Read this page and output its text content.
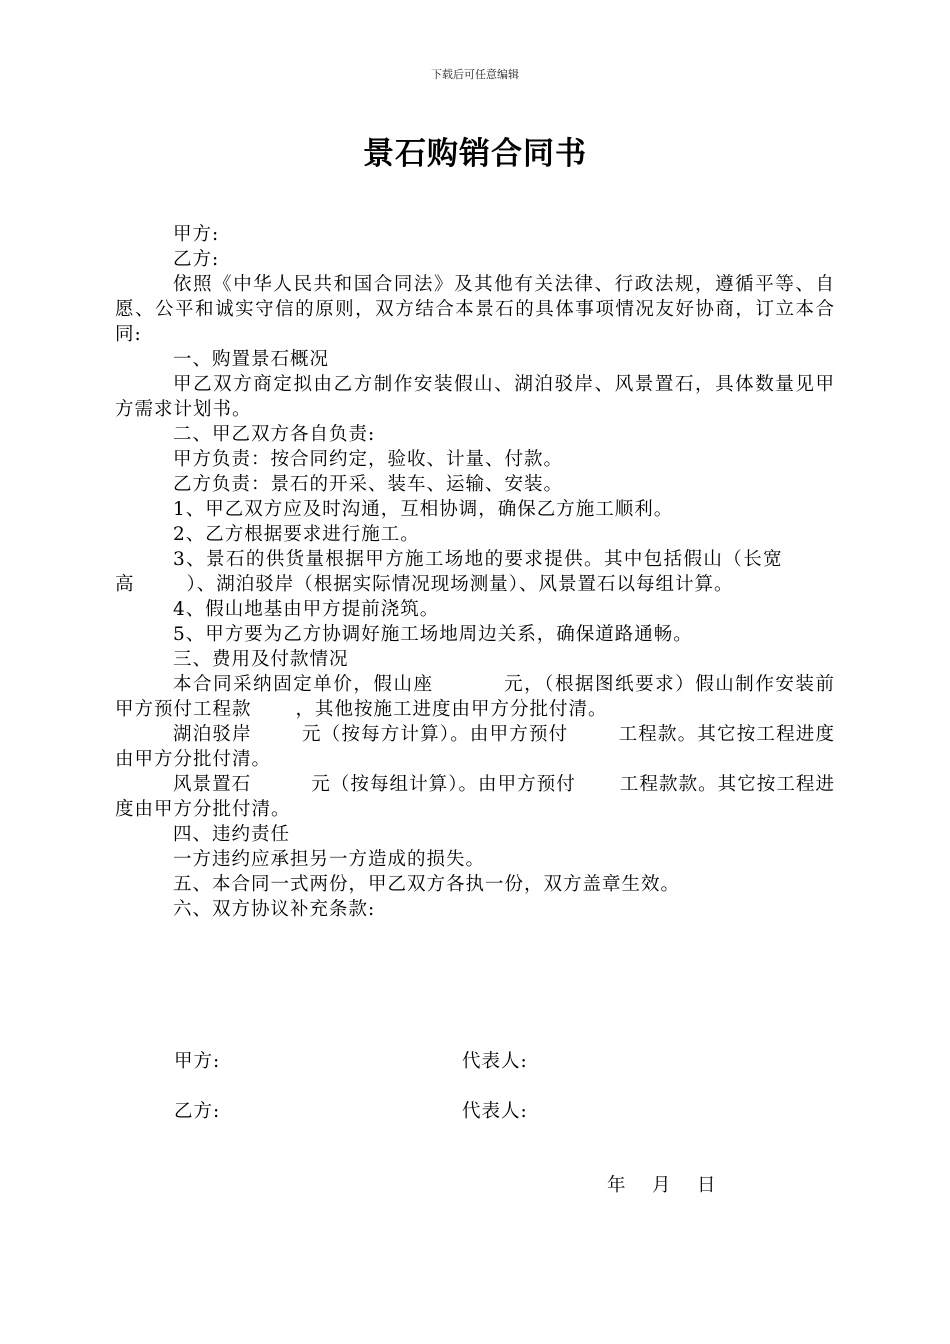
下载后可任意编辑
景石购销合同书

甲方:

乙方:

依照《中华人民共和国合同法》及其他有关法律、行政法规，遵循平等、自愿、公平和诚实守信的原则，双方结合本景石的具体事项情况友好协商，订立本合同:

一、购置景石概况

甲乙双方商定拟由乙方制作安装假山、湖泊驳岸、风景置石，具体数量见甲方需求计划书。

二、甲乙双方各自负责:

甲方负责：按合同约定，验收、计量、付款。

乙方负责：景石的开采、装车、运输、安装。

1、甲乙双方应及时沟通，互相协调，确保乙方施工顺利。

2、乙方根据要求进行施工。

3、景石的供货量根据甲方施工场地的要求提供。其中包括假山（长宽高	）、湖泊驳岸（根据实际情况现场测量）、风景置石以每组计算。

4、假山地基由甲方提前浇筑。

5、甲方要为乙方协调好施工场地周边关系，确保道路通畅。

三、费用及付款情况

本合同采纳固定单价，假山座	元，（根据图纸要求）假山制作安装前甲方预付工程款 ，其他按施工进度由甲方分批付清。

湖泊驳岸	元（按每方计算）。由甲方预付	工程款。其它按工程进度由甲方分批付清。

风景置石	元（按每组计算）。由甲方预付 工程款款。其它按工程进度由甲方分批付清。

四、违约责任

一方违约应承担另一方造成的损失。

五、本合同一式两份，甲乙双方各执一份，双方盖章生效。

六、双方协议补充条款:

甲方:	代表人:
乙方:	代表人:
年 月 日
